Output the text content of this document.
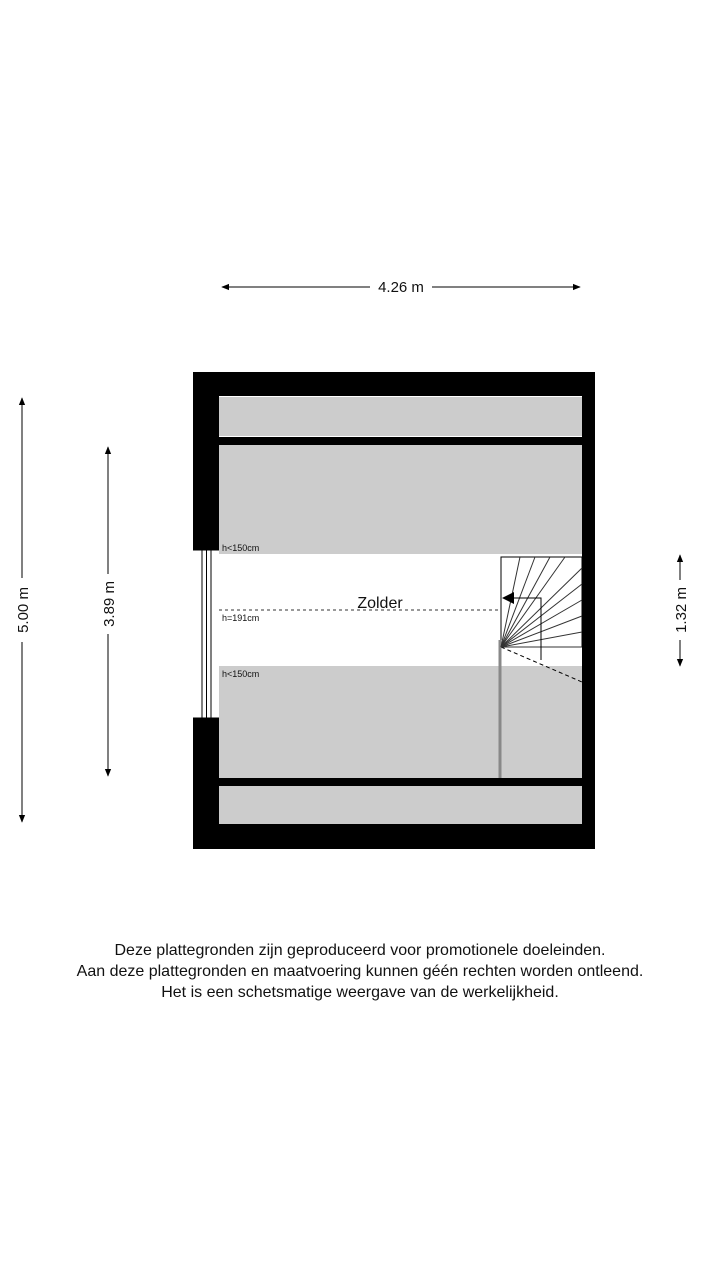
4.26 m
5.00 m	3.89 m	1.32 m
Zolder
h<150cm
h=191cm
h<150cm
Deze plattegronden zijn geproduceerd voor promotionele doeleinden.
Aan deze plattegronden en maatvoering kunnen géén rechten worden ontleend.
Het is een schetsmatige weergave van de werkelijkheid.
